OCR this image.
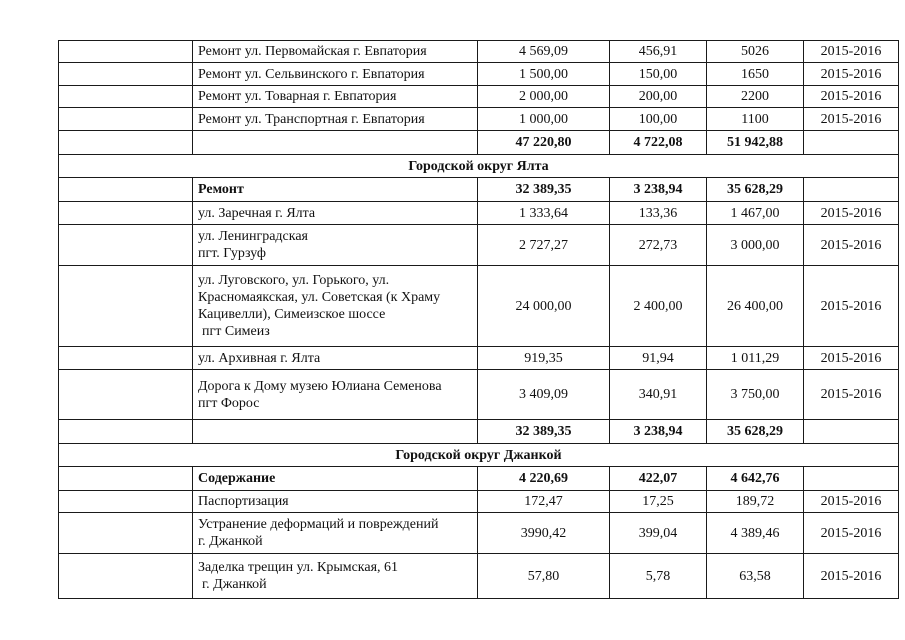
	Ремонт ул. Первомайская г. Евпатория	4 569,09	456,91	5026	2015-2016
	Ремонт ул. Сельвинского г. Евпатория	1 500,00	150,00	1650	2015-2016
	Ремонт ул. Товарная г. Евпатория	2 000,00	200,00	2200	2015-2016
	Ремонт ул. Транспортная г. Евпатория	1 000,00	100,00	1100	2015-2016
		47 220,80	4 722,08	51 942,88	
Городской округ Ялта					
	Ремонт	32 389,35	3 238,94	35 628,29	
	ул. Заречная г. Ялта	1 333,64	133,36	1 467,00	2015-2016

	ул. Ленинградская
пгт. Гурзуф	2 727,27	272,73	3 000,00	2015-2016

	ул. Луговского, ул. Горького, ул.
Красномаякская, ул. Советская (к Храму
Кацивелли), Симеизское шоссе
пгт Симеиз	24 000,00	2 400,00	26 400,00	2015-2016
	ул. Архивная г. Ялта	919,35	91,94	1 011,29	2015-2016

	Дорога к Дому музею Юлиана Семенова
пгт Форос	3 409,09	340,91	3 750,00	2015-2016
		32 389,35	3 238,94	35 628,29	
Городской округ Джанкой					
	Содержание	4 220,69	422,07	4 642,76	
	Паспортизация	172,47	17,25	189,72	2015-2016

	Устранение деформаций и повреждений
г. Джанкой	3990,42	399,04	4 389,46	2015-2016

	Заделка трещин ул. Крымская, 61
г. Джанкой	57,80	5,78	63,58	2015-2016
